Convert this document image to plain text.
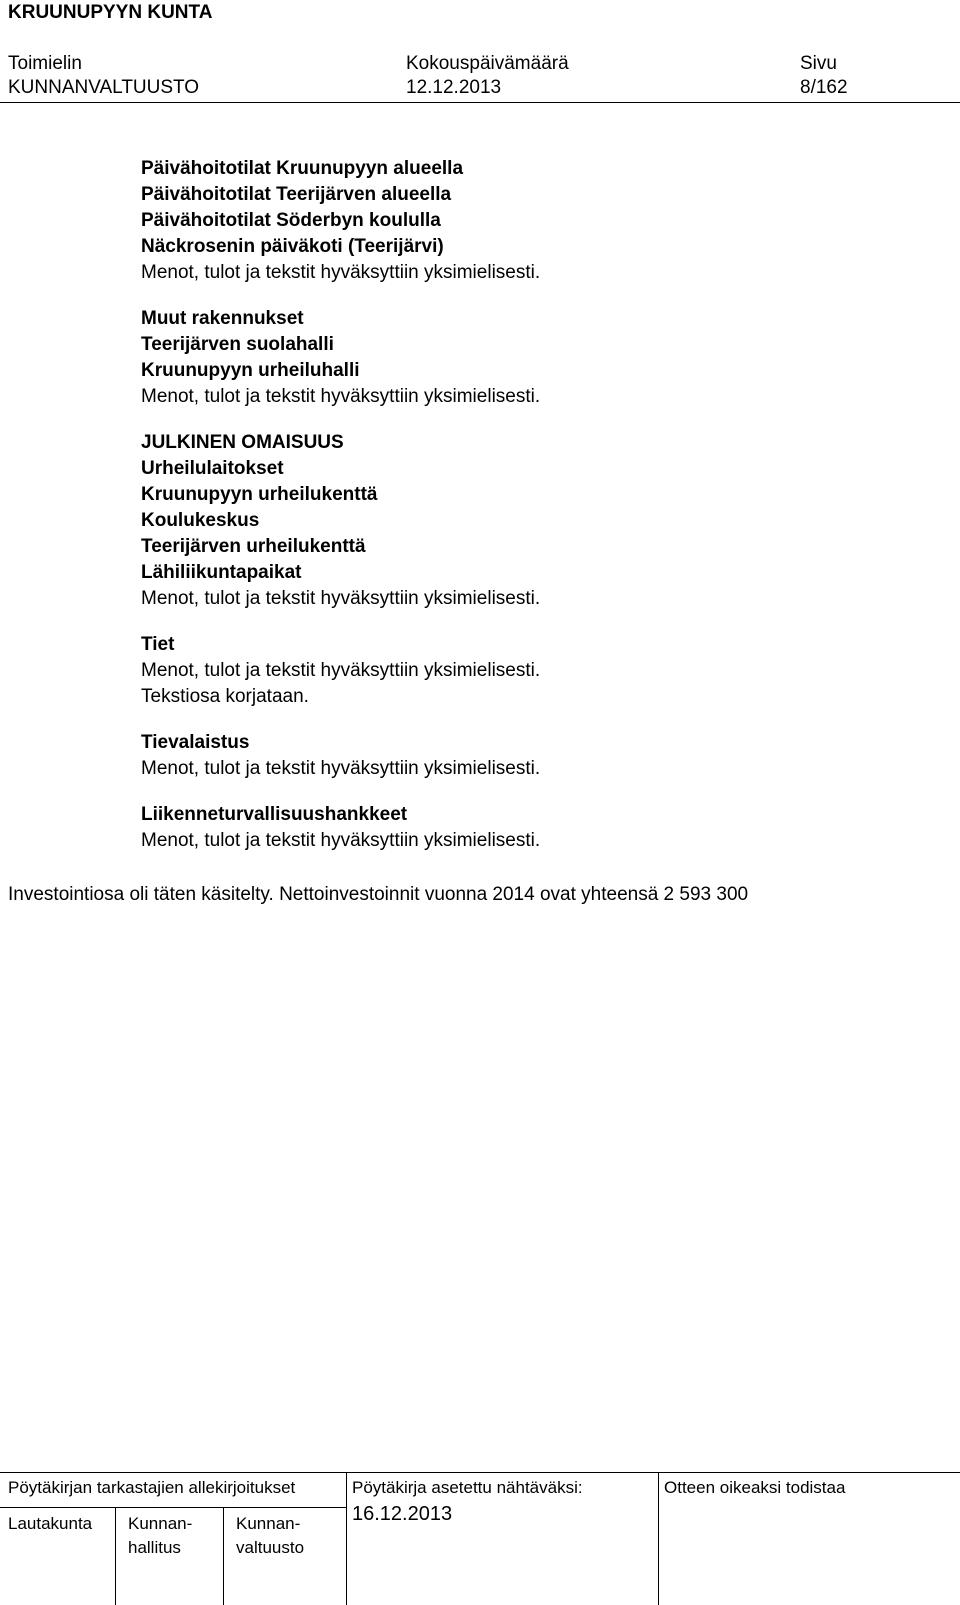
KRUUNUPYYN KUNTA
Toimielin
KUNNANVALTUUSTO
Kokouspäivämäärä
12.12.2013
Sivu
8/162
Päivähoitotilat Kruunupyyn alueella
Päivähoitotilat Teerijärven alueella
Päivähoitotilat Söderbyn koululla
Näckrosenin päiväkoti (Teerijärvi)
Menot, tulot ja tekstit hyväksyttiin yksimielisesti.
Muut rakennukset
Teerijärven suolahalli
Kruunupyyn urheiluhalli
Menot, tulot ja tekstit hyväksyttiin yksimielisesti.
JULKINEN OMAISUUS
Urheilulaitokset
Kruunupyyn urheilukenttä
Koulukeskus
Teerijärven urheilukenttä
Lähiliikuntapaikat
Menot, tulot ja tekstit hyväksyttiin yksimielisesti.
Tiet
Menot, tulot ja tekstit hyväksyttiin yksimielisesti.
Tekstiosa korjataan.
Tievalaistus
Menot, tulot ja tekstit hyväksyttiin yksimielisesti.
Liikenneturvallisuushankkeet
Menot, tulot ja tekstit hyväksyttiin yksimielisesti.
Investointiosa oli täten käsitelty. Nettoinvestoinnit vuonna 2014 ovat yhteensä 2 593 300
Pöytäkirjan tarkastajien allekirjoitukset
Lautakunta Kunnan-
hallitus
Kunnan-
valtuusto
Pöytäkirja asetettu nähtäväksi:
16.12.2013
Otteen oikeaksi todistaa
